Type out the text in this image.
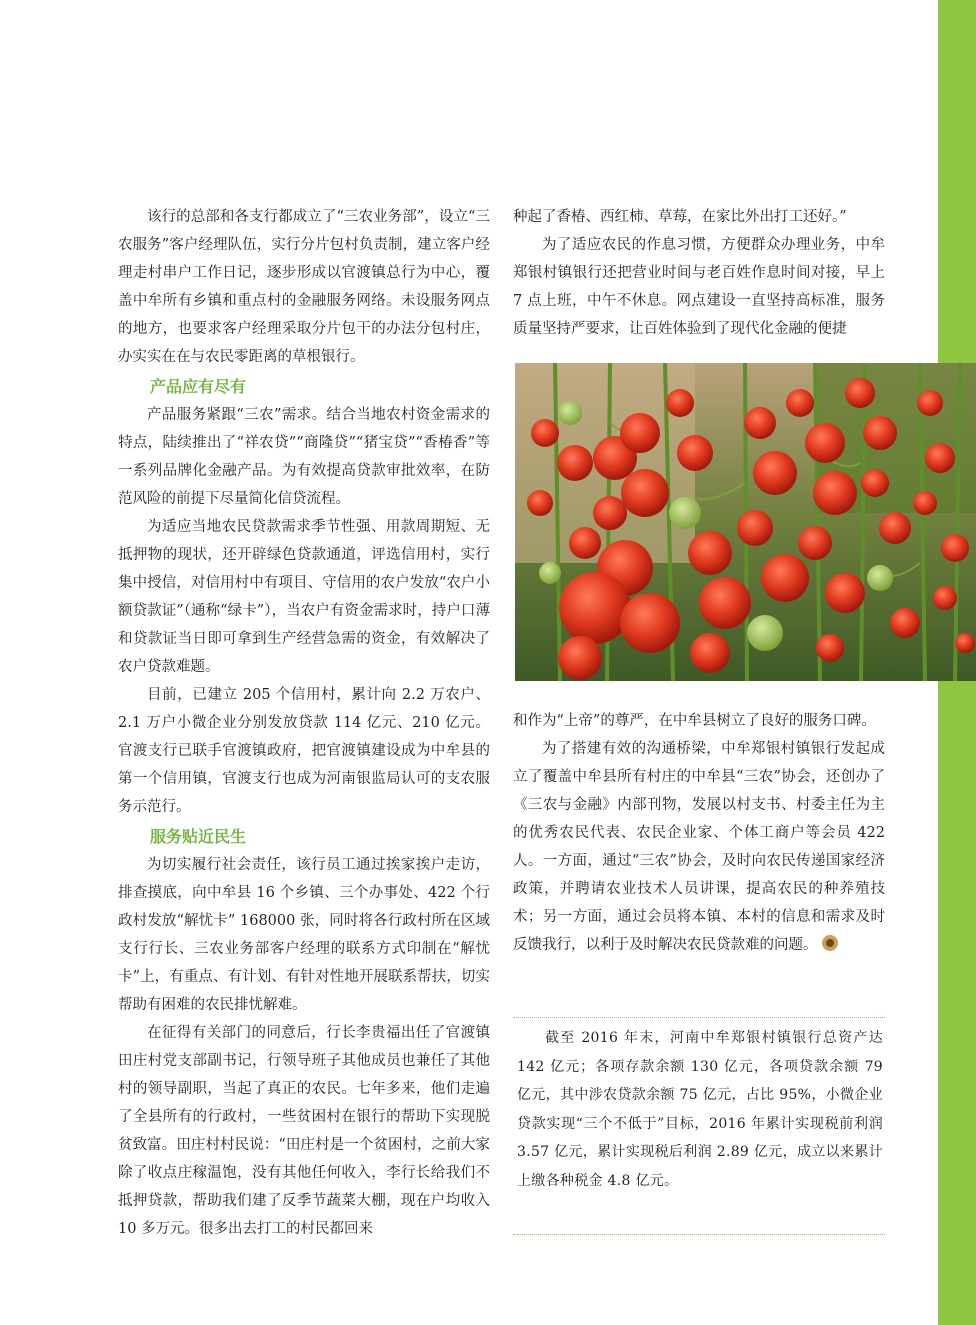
该行的总部和各支行都成立了“三农业务部”，设立“三农服务”客户经理队伍，实行分片包村负责制，建立客户经理走村串户工作日记，逐步形成以官渡镇总行为中心，覆盖中牟所有乡镇和重点村的金融服务网络。未设服务网点的地方，也要求客户经理采取分片包干的办法分包村庄，办实实在在与农民零距离的草根银行。

产品应有尽有

产品服务紧跟“三农”需求。结合当地农村资金需求的特点，陆续推出了“祥农贷”“商隆贷”“猪宝贷”“香椿香”等一系列品牌化金融产品。为有效提高贷款审批效率，在防范风险的前提下尽量简化信贷流程。

为适应当地农民贷款需求季节性强、用款周期短、无抵押物的现状，还开辟绿色贷款通道，评选信用村，实行集中授信，对信用村中有项目、守信用的农户发放“农户小额贷款证”（通称“绿卡”），当农户有资金需求时，持户口薄和贷款证当日即可拿到生产经营急需的资金，有效解决了农户贷款难题。

目前，已建立 205 个信用村，累计向 2.2 万农户、2.1 万户小微企业分别发放贷款 114 亿元、210 亿元。官渡支行已联手官渡镇政府，把官渡镇建设成为中牟县的第一个信用镇，官渡支行也成为河南银监局认可的支农服务示范行。

服务贴近民生

为切实履行社会责任，该行员工通过挨家挨户走访，排查摸底，向中牟县 16 个乡镇、三个办事处、422 个行政村发放“解忧卡” 168000 张，同时将各行政村所在区域支行行长、三农业务部客户经理的联系方式印制在“解忧卡”上，有重点、有计划、有针对性地开展联系帮扶，切实帮助有困难的农民排忧解难。

在征得有关部门的同意后，行长李贵福出任了官渡镇田庄村党支部副书记，行领导班子其他成员也兼任了其他村的领导副职，当起了真正的农民。七年多来，他们走遍了全县所有的行政村，一些贫困村在银行的帮助下实现脱贫致富。田庄村村民说：“田庄村是一个贫困村，之前大家除了收点庄稼温饱，没有其他任何收入，李行长给我们不抵押贷款，帮助我们建了反季节蔬菜大棚，现在户均收入 10 多万元。很多出去打工的村民都回来

种起了香椿、西红柿、草莓，在家比外出打工还好。”

为了适应农民的作息习惯，方便群众办理业务，中牟郑银村镇银行还把营业时间与老百姓作息时间对接，早上 7 点上班，中午不休息。网点建设一直坚持高标准，服务质量坚持严要求，让百姓体验到了现代化金融的便捷

和作为“上帝”的尊严，在中牟县树立了良好的服务口碑。

为了搭建有效的沟通桥梁，中牟郑银村镇银行发起成立了覆盖中牟县所有村庄的中牟县“三农”协会，还创办了《三农与金融》内部刊物，发展以村支书、村委主任为主的优秀农民代表、农民企业家、个体工商户等会员 422 人。一方面，通过“三农”协会，及时向农民传递国家经济政策，并聘请农业技术人员讲课，提高农民的种养殖技术；另一方面，通过会员将本镇、本村的信息和需求及时反馈我行，以利于及时解决农民贷款难的问题。

截至 2016 年末，河南中牟郑银村镇银行总资产达 142 亿元；各项存款余额 130 亿元，各项贷款余额 79 亿元，其中涉农贷款余额 75 亿元，占比 95%，小微企业贷款实现“三个不低于”目标，2016 年累计实现税前利润 3.57 亿元，累计实现税后利润 2.89 亿元，成立以来累计上缴各种税金 4.8 亿元。
